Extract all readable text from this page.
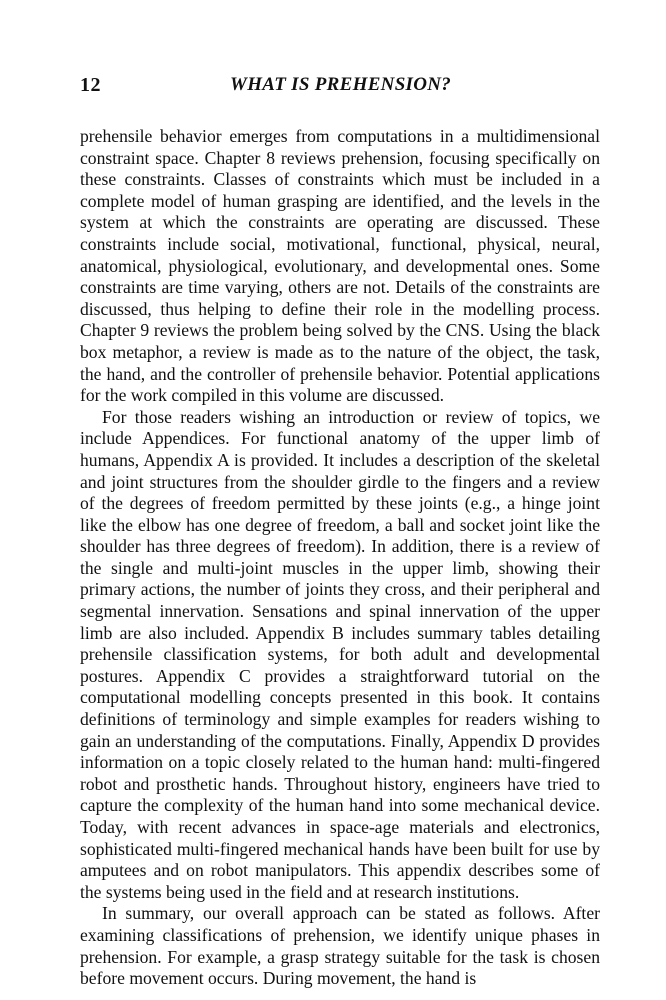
12	WHAT IS PREHENSION?

prehensile behavior emerges from computations in a multidimensional constraint space. Chapter 8 reviews prehension, focusing specifically on these constraints. Classes of constraints which must be included in a complete model of human grasping are identified, and the levels in the system at which the constraints are operating are discussed. These constraints include social, motivational, functional, physical, neural, anatomical, physiological, evolutionary, and developmental ones. Some constraints are time varying, others are not. Details of the constraints are discussed, thus helping to define their role in the modelling process. Chapter 9 reviews the problem being solved by the CNS. Using the black box metaphor, a review is made as to the nature of the object, the task, the hand, and the controller of prehensile behavior. Potential applications for the work compiled in this volume are discussed.

For those readers wishing an introduction or review of topics, we include Appendices. For functional anatomy of the upper limb of humans, Appendix A is provided. It includes a description of the skeletal and joint structures from the shoulder girdle to the fingers and a review of the degrees of freedom permitted by these joints (e.g., a hinge joint like the elbow has one degree of freedom, a ball and socket joint like the shoulder has three degrees of freedom). In addition, there is a review of the single and multi-joint muscles in the upper limb, showing their primary actions, the number of joints they cross, and their peripheral and segmental innervation. Sensations and spinal innervation of the upper limb are also included. Appendix B includes summary tables detailing prehensile classification systems, for both adult and developmental postures. Appendix C provides a straightforward tutorial on the computational modelling concepts presented in this book. It contains definitions of terminology and simple examples for readers wishing to gain an understanding of the computations. Finally, Appendix D provides information on a topic closely related to the human hand: multi-fingered robot and prosthetic hands. Throughout history, engineers have tried to capture the complexity of the human hand into some mechanical device. Today, with recent advances in space-age materials and electronics, sophisticated multi-fingered mechanical hands have been built for use by amputees and on robot manipulators. This appendix describes some of the systems being used in the field and at research institutions.

In summary, our overall approach can be stated as follows. After examining classifications of prehension, we identify unique phases in prehension. For example, a grasp strategy suitable for the task is chosen before movement occurs. During movement, the hand is
